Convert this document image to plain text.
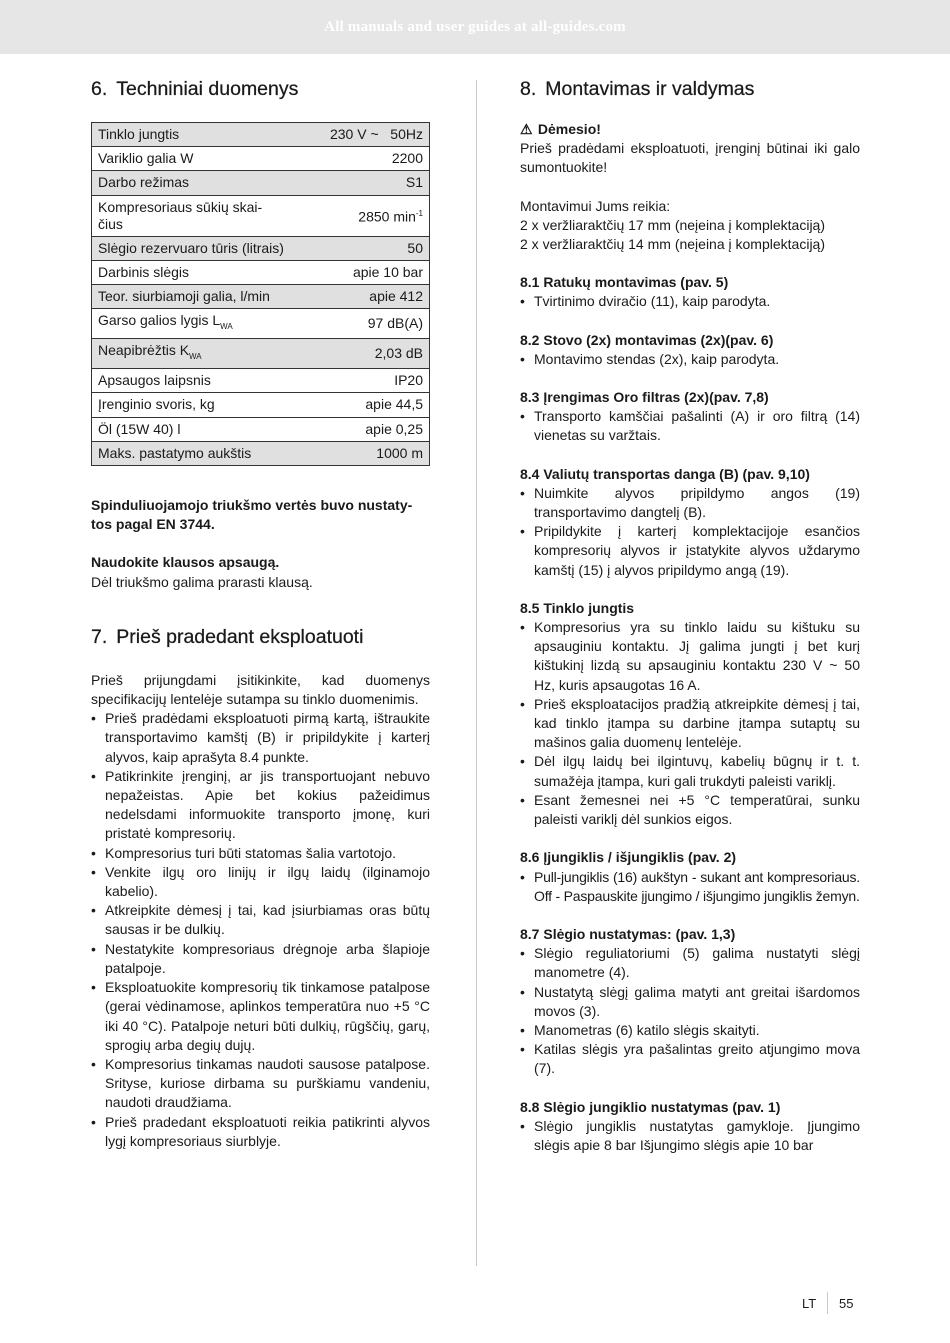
All manuals and user guides at all-guides.com
6. Techniniai duomenys
Tinklo jungtis	230 V ~   50Hz
Variklio galia W	2200
Darbo režimas	S1
Kompresoriaus sūkių skai-
čius	2850 $\min^{-1}$
Slėgio rezervuaro tūris (litrais)	50
Darbinis slėgis	apie 10 bar
Teor. siurbiamoji galia, l/min	apie 412
Garso galios lygis $L_{WA}$	97 dB(A)
Neapibrėžtis $K_{WA}$	2,03 dB
Apsaugos laipsnis	IP20
Įrenginio svoris, kg	apie 44,5
Öl (15W 40) l	apie 0,25
Maks. pastatymo aukštis	1000 m

Spinduliuojamojo triukšmo vertės buvo nustaty-
tos pagal EN 3744.

Naudokite klausos apsaugą.

Dėl triukšmo galima prarasti klausą.

7. Prieš pradedant eksploatuoti

Prieš prijungdami įsitikinkite, kad duomenys specifikacijų lentelėje sutampa su tinklo duomenimis.

• Prieš pradėdami eksploatuoti pirmą kartą, ištraukite transportavimo kamštį (B) ir pripildykite į karterį alyvos, kaip aprašyta 8.4 punkte.
• Patikrinkite įrenginį, ar jis transportuojant nebuvo nepažeistas. Apie bet kokius pažeidimus nedelsdami informuokite transporto įmonę, kuri pristatė kompresorių.
• Kompresorius turi būti statomas šalia vartotojo.
• Venkite ilgų oro linijų ir ilgų laidų (ilginamojo kabelio).
• Atkreipkite dėmesį į tai, kad įsiurbiamas oras būtų sausas ir be dulkių.
• Nestatykite kompresoriaus drėgnoje arba šlapioje patalpoje.
• Eksploatuokite kompresorių tik tinkamose patalpose (gerai vėdinamose, aplinkos temperatūra nuo +5 °C iki 40 °C). Patalpoje neturi būti dulkių, rūgščių, garų, sprogių arba degių dujų.
• Kompresorius tinkamas naudoti sausose patalpose. Srityse, kuriose dirbama su purškiamu vandeniu, naudoti draudžiama.
• Prieš pradedant eksploatuoti reikia patikrinti alyvos lygį kompresoriaus siurblyje.
8. Montavimas ir valdymas

⚠ Dėmesio!

Prieš pradėdami eksploatuoti, įrenginį būtinai iki galo sumontuokite!

Montavimui Jums reikia:

2 x veržliaraktčių 17 mm (neįeina į komplektaciją)

2 x veržliaraktčių 14 mm (neįeina į komplektaciją)

8.1 Ratukų montavimas (pav. 5)

• Tvirtinimo dviračio (11), kaip parodyta.

8.2 Stovo (2x) montavimas (2x)(pav. 6)

• Montavimo stendas (2x), kaip parodyta.

8.3 Įrengimas Oro filtras (2x)(pav. 7,8)

• Transporto kamščiai pašalinti (A) ir oro filtrą (14) vienetas su varžtais.

8.4 Valiutų transportas danga (B) (pav. 9,10)

• Nuimkite alyvos pripildymo angos (19) transportavimo dangtelį (B).
• Pripildykite į karterį komplektacijoje esančios kompresorių alyvos ir įstatykite alyvos uždarymo kamštį (15) į alyvos pripildymo angą (19).

8.5 Tinklo jungtis

• Kompresorius yra su tinklo laidu su kištuku su apsauginiu kontaktu. Jį galima jungti į bet kurį kištukinį lizdą su apsauginiu kontaktu 230 V ~ 50 Hz, kuris apsaugotas 16 A.
• Prieš eksploatacijos pradžią atkreipkite dėmesį į tai, kad tinklo įtampa su darbine įtampa sutaptų su mašinos galia duomenų lentelėje.
• Dėl ilgų laidų bei ilgintuvų, kabelių būgnų ir t. t. sumažėja įtampa, kuri gali trukdyti paleisti variklį.
• Esant žemesnei nei +5 °C temperatūrai, sunku paleisti variklį dėl sunkios eigos.

8.6 Įjungiklis / išjungiklis (pav. 2)

• Pull-jungiklis (16) aukštyn - sukant ant kompresoriaus. Off - Paspauskite įjungimo / išjungimo jungiklis žemyn.

8.7 Slėgio nustatymas: (pav. 1,3)

• Slėgio reguliatoriumi (5) galima nustatyti slėgį manometre (4).
• Nustatytą slėgį galima matyti ant greitai išardomos movos (3).
• Manometras (6) katilo slėgis skaityti.
• Katilas slėgis yra pašalintas greito atjungimo mova (7).

8.8 Slėgio jungiklio nustatymas (pav. 1)

• Slėgio jungiklis nustatytas gamykloje. Įjungimo slėgis apie 8 bar Išjungimo slėgis apie 10 bar
LT 55
